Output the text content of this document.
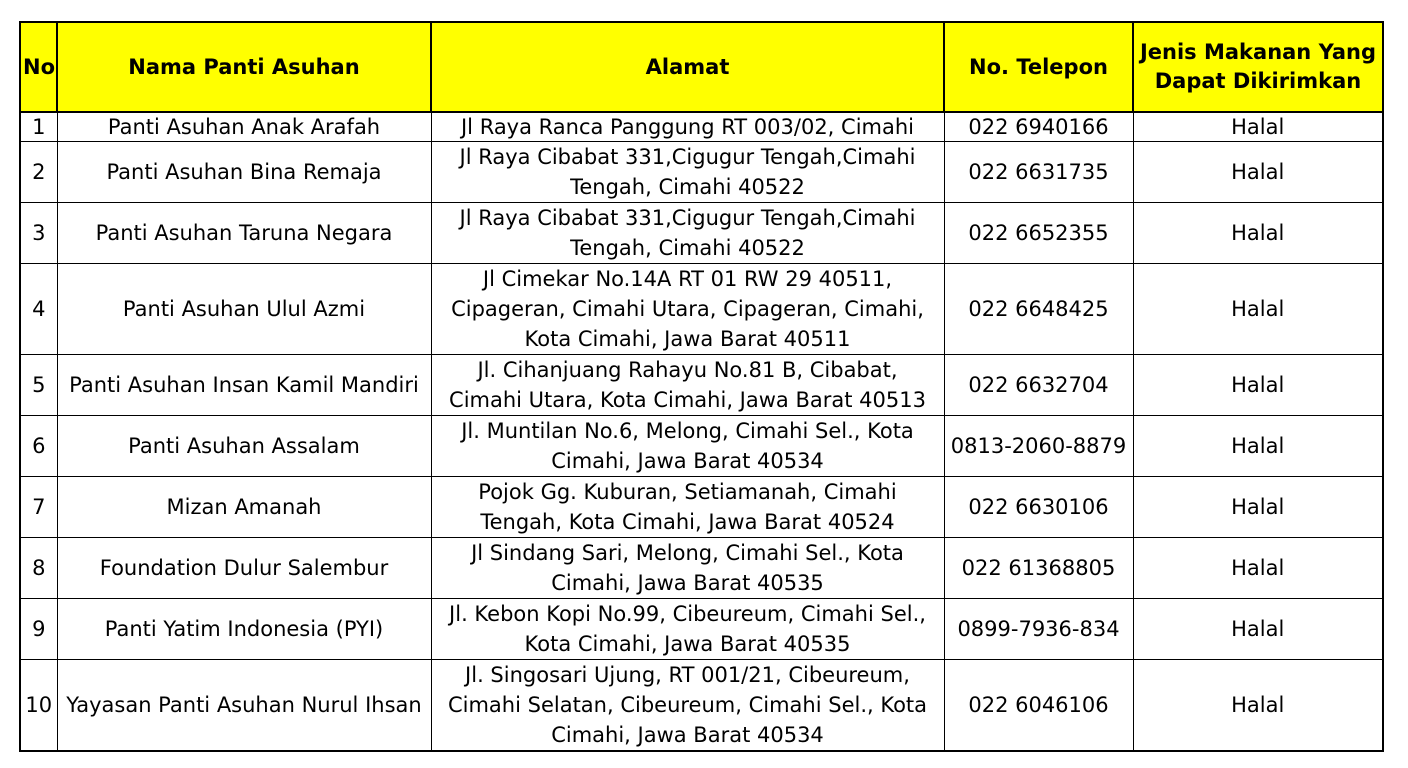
No	Nama Panti Asuhan	Alamat	No. Telepon	Jenis Makanan Yang Dapat Dikirimkan
1	Panti Asuhan Anak Arafah	Jl Raya Ranca Panggung RT 003/02, Cimahi	022 6940166	Halal
2	Panti Asuhan Bina Remaja	Jl Raya Cibabat 331,Cigugur Tengah,Cimahi
Tengah, Cimahi 40522	022 6631735	Halal
3	Panti Asuhan Taruna Negara	Jl Raya Cibabat 331,Cigugur Tengah,Cimahi
Tengah, Cimahi 40522	022 6652355	Halal
4	Panti Asuhan Ulul Azmi	Jl Cimekar No.14A RT 01 RW 29 40511,
Cipageran, Cimahi Utara, Cipageran, Cimahi,
Kota Cimahi, Jawa Barat 40511	022 6648425	Halal
5	Panti Asuhan Insan Kamil Mandiri	Jl. Cihanjuang Rahayu No.81 B, Cibabat,
Cimahi Utara, Kota Cimahi, Jawa Barat 40513	022 6632704	Halal
6	Panti Asuhan Assalam	Jl. Muntilan No.6, Melong, Cimahi Sel., Kota
Cimahi, Jawa Barat 40534	0813-2060-8879	Halal
7	Mizan Amanah	Pojok Gg. Kuburan, Setiamanah, Cimahi
Tengah, Kota Cimahi, Jawa Barat 40524	022 6630106	Halal
8	Foundation Dulur Salembur	Jl Sindang Sari, Melong, Cimahi Sel., Kota
Cimahi, Jawa Barat 40535	022 61368805	Halal
9	Panti Yatim Indonesia (PYI)	Jl. Kebon Kopi No.99, Cibeureum, Cimahi Sel.,
Kota Cimahi, Jawa Barat 40535	0899-7936-834	Halal
10	Yayasan Panti Asuhan Nurul Ihsan	Jl. Singosari Ujung, RT 001/21, Cibeureum,
Cimahi Selatan, Cibeureum, Cimahi Sel., Kota
Cimahi, Jawa Barat 40534	022 6046106	Halal
